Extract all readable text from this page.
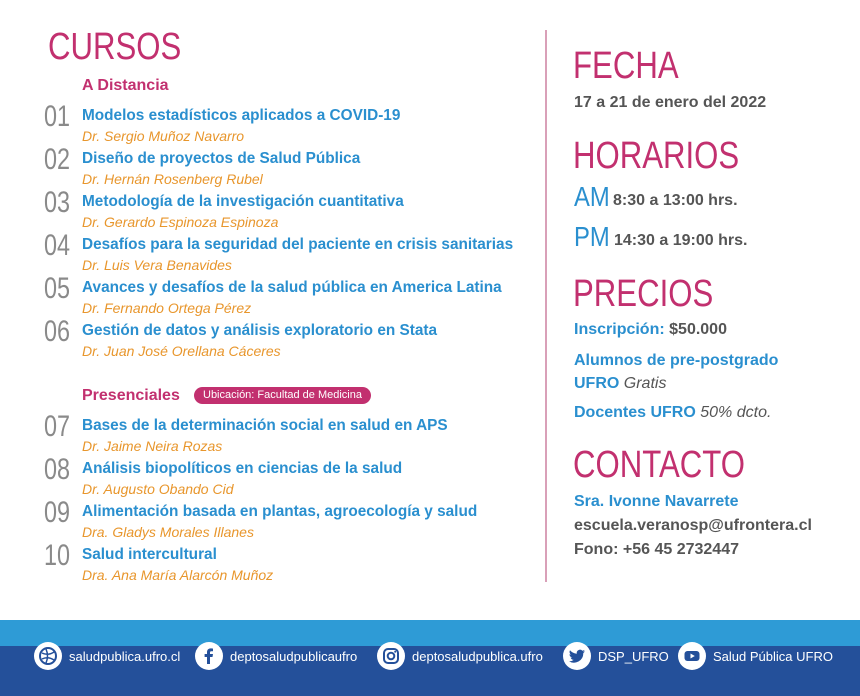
CURSOS
A Distancia
01 Modelos estadísticos aplicados a COVID-19
Dr. Sergio Muñoz Navarro
02 Diseño de proyectos de Salud Pública
Dr. Hernán Rosenberg Rubel
03 Metodología de la investigación cuantitativa
Dr. Gerardo Espinoza Espinoza
04 Desafíos para la seguridad del paciente en crisis sanitarias
Dr. Luis Vera Benavides
05 Avances y desafíos de la salud pública en America Latina
Dr. Fernando Ortega Pérez
06 Gestión de datos y análisis exploratorio en Stata
Dr. Juan José Orellana Cáceres
Presenciales	Ubicación: Facultad de Medicina
07 Bases de la determinación social en salud en APS
Dr. Jaime Neira Rozas
08 Análisis biopolíticos en ciencias de la salud
Dr. Augusto Obando Cid
09 Alimentación basada en plantas, agroecología y salud
Dra. Gladys Morales Illanes
10 Salud intercultural
Dra. Ana María Alarcón Muñoz
FECHA
17 a 21 de enero del 2022
HORARIOS
AM 8:30 a 13:00 hrs.
PM 14:30 a 19:00 hrs.
PRECIOS
Inscripción: $50.000
Alumnos de pre-postgrado
UFRO Gratis
Docentes UFRO 50% dcto.
CONTACTO
Sra. Ivonne Navarrete
escuela.veranosp@ufrontera.cl
Fono: +56 45 2732447
saludpublica.ufro.cl	deptosaludpublicaufro	deptosaludpublica.ufro	DSP_UFRO	Salud Pública UFRO
